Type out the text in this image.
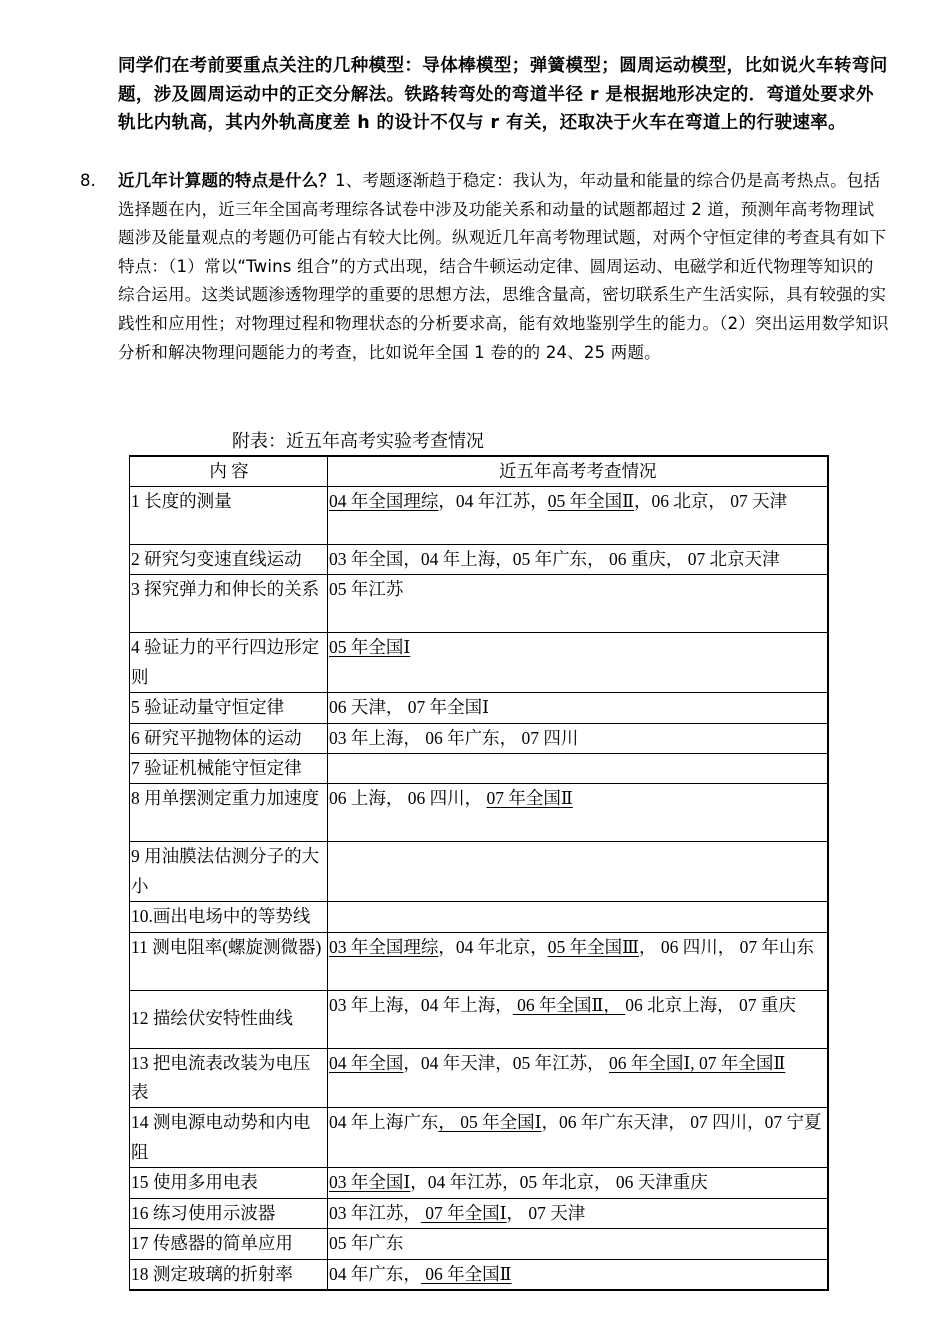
同学们在考前要重点关注的几种模型：导体棒模型；弹簧模型；圆周运动模型，比如说火车转弯问题，涉及圆周运动中的正交分解法。铁路转弯处的弯道半径 r 是根据地形决定的．弯道处要求外轨比内轨高，其内外轨高度差 h 的设计不仅与 r 有关，还取决于火车在弯道上的行驶速率。
8. 近几年计算题的特点是什么？1、考题逐渐趋于稳定：我认为，年动量和能量的综合仍是高考热点。包括选择题在内，近三年全国高考理综各试卷中涉及功能关系和动量的试题都超过 2 道，预测年高考物理试题涉及能量观点的考题仍可能占有较大比例。纵观近几年高考物理试题，对两个守恒定律的考查具有如下特点：（1）常以“Twins 组合”的方式出现，结合牛顿运动定律、圆周运动、电磁学和近代物理等知识的综合运用。这类试题渗透物理学的重要的思想方法，思维含量高，密切联系生产生活实际，具有较强的实践性和应用性；对物理过程和物理状态的分析要求高，能有效地鉴别学生的能力。（2）突出运用数学知识分析和解决物理问题能力的考查，比如说年全国 1 卷的的 24、25 两题。
附表：近五年高考实验考查情况
内 容	近五年高考考查情况
1 长度的测量	04 年全国理综，04 年江苏，05 年全国Ⅱ，06 北京， 07 天津
2 研究匀变速直线运动	03 年全国，04 年上海，05 年广东， 06 重庆， 07 北京天津
3 探究弹力和伸长的关系	05 年江苏
4 验证力的平行四边形定则	05 年全国Ⅰ
5 验证动量守恒定律	06 天津， 07 年全国Ⅰ
6 研究平抛物体的运动	03 年上海， 06 年广东， 07 四川
7 验证机械能守恒定律	
8 用单摆测定重力加速度	06 上海， 06 四川， 07 年全国Ⅱ
9 用油膜法估测分子的大小	
10.画出电场中的等势线	
11 测电阻率(螺旋测微器)	03 年全国理综，04 年北京，05 年全国Ⅲ， 06 四川， 07 年山东
12 描绘伏安特性曲线	03 年上海，04 年上海， 06 年全国Ⅱ， 06 北京上海， 07 重庆
13 把电流表改装为电压表	04 年全国，04 年天津，05 年江苏， 06 年全国Ⅰ, 07 年全国Ⅱ
14 测电源电动势和内电阻	04 年上海广东， 05 年全国Ⅰ，06 年广东天津， 07 四川，07 宁夏
15 使用多用电表	03 年全国Ⅰ，04 年江苏，05 年北京， 06 天津重庆
16 练习使用示波器	03 年江苏， 07 年全国Ⅰ， 07 天津
17 传感器的简单应用	05 年广东
18 测定玻璃的折射率	04 年广东， 06 年全国Ⅱ
